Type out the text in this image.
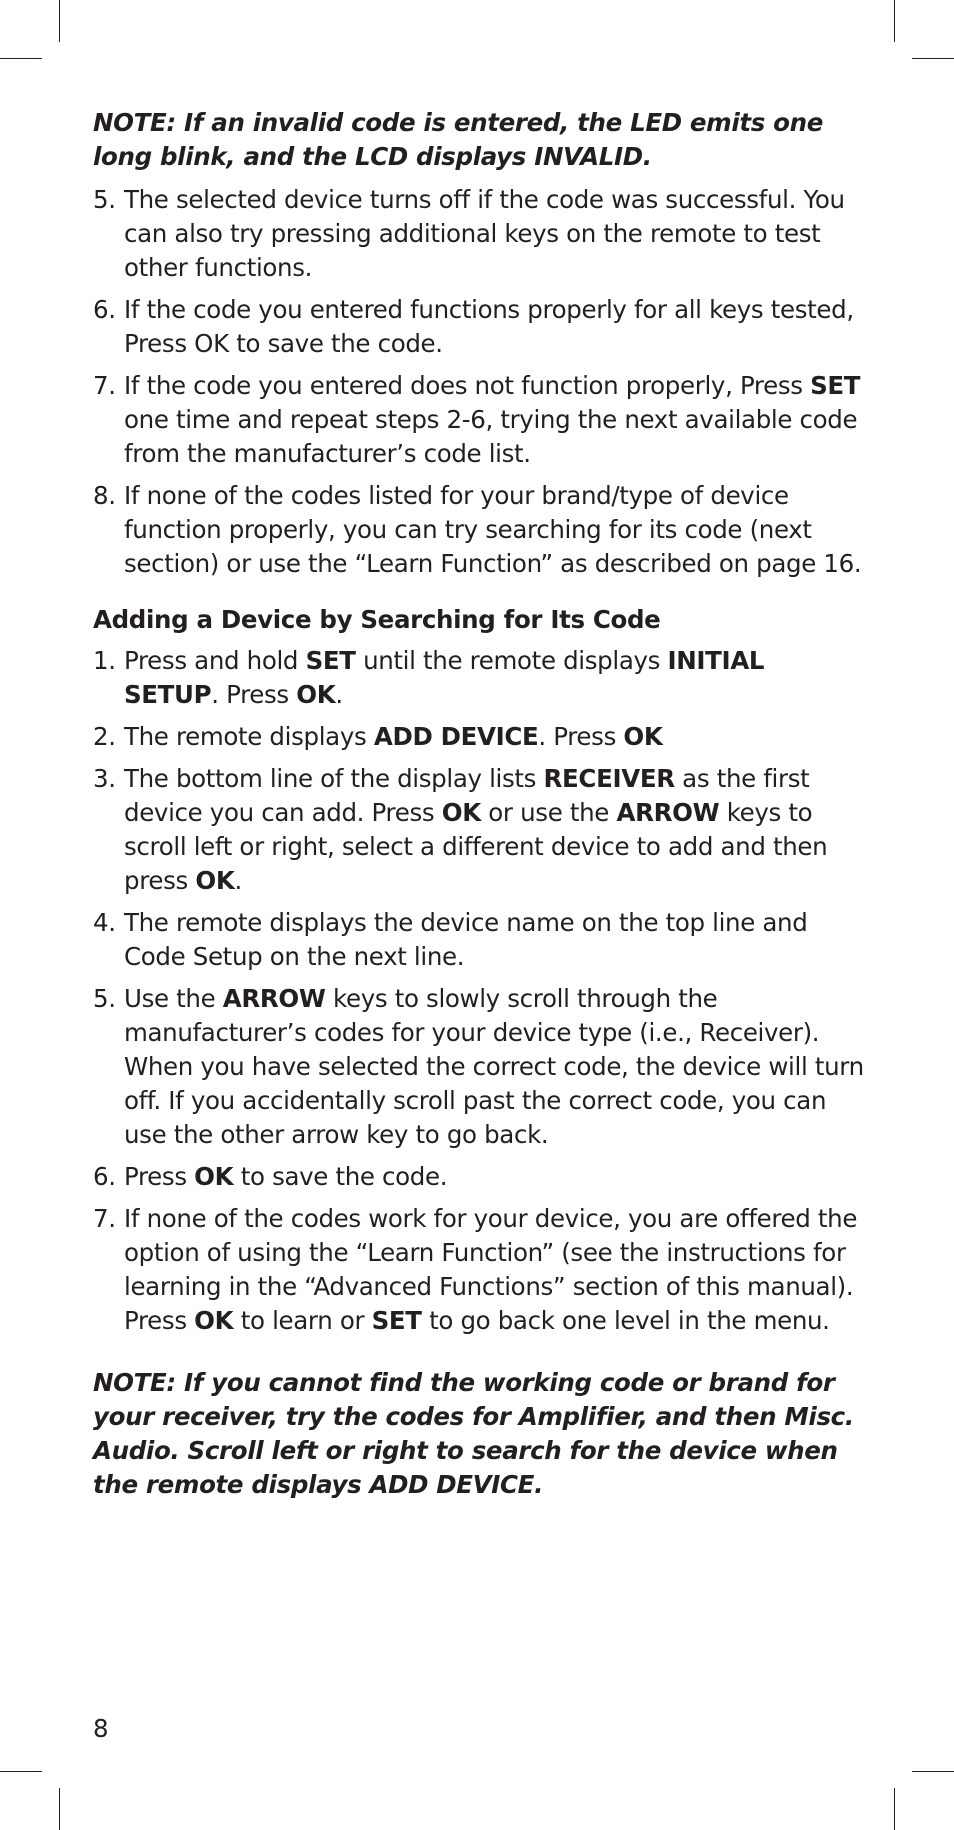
NOTE: If an invalid code is entered, the LED emits one long blink, and the LCD displays INVALID.

5. The selected device turns off if the code was successful. You can also try pressing additional keys on the remote to test other functions.
6. If the code you entered functions properly for all keys tested, Press OK to save the code.
7. If the code you entered does not function properly, Press SET one time and repeat steps 2-6, trying the next available code from the manufacturer’s code list.
8. If none of the codes listed for your brand/type of device function properly, you can try searching for its code (next section) or use the “Learn Function” as described on page 16.
Adding a Device by Searching for Its Code
1. Press and hold SET until the remote displays INITIAL SETUP. Press OK.
2. The remote displays ADD DEVICE. Press OK
3. The bottom line of the display lists RECEIVER as the first device you can add. Press OK or use the ARROW keys to scroll left or right, select a different device to add and then press OK.
4. The remote displays the device name on the top line and Code Setup on the next line.
5. Use the ARROW keys to slowly scroll through the manufacturer’s codes for your device type (i.e., Receiver). When you have selected the correct code, the device will turn off. If you accidentally scroll past the correct code, you can use the other arrow key to go back.
6. Press OK to save the code.
7. If none of the codes work for your device, you are offered the option of using the “Learn Function” (see the instructions for learning in the “Advanced Functions” section of this manual). Press OK to learn or SET to go back one level in the menu.

NOTE: If you cannot find the working code or brand for your receiver, try the codes for Amplifier, and then Misc. Audio. Scroll left or right to search for the device when the remote displays ADD DEVICE.

8
